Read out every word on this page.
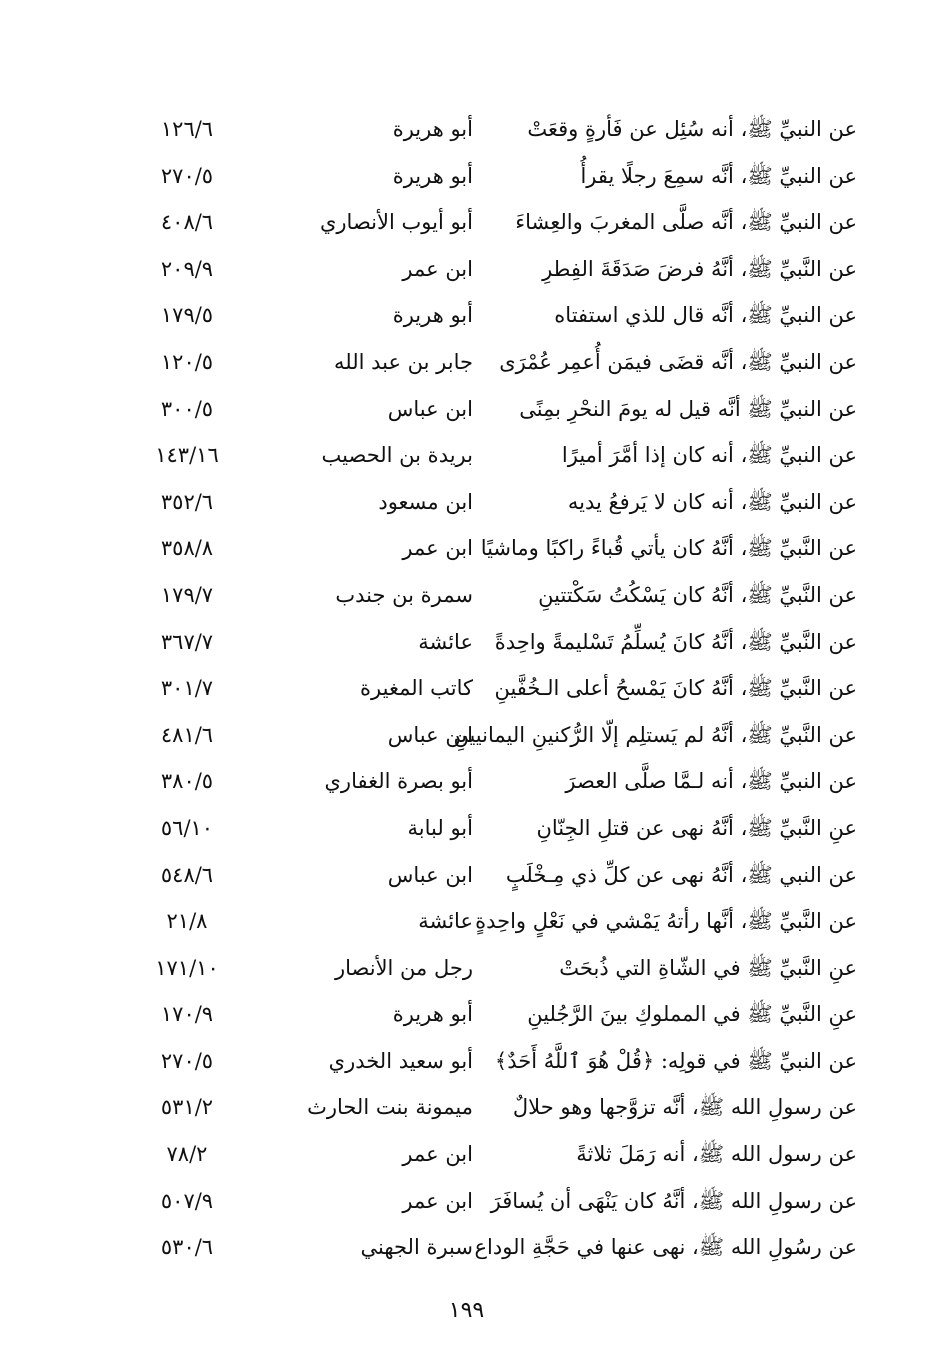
عن النبيِّ ﷺ، أنه سُئِل عن فَأرةٍ وقعَتْ
أبو هريرة
١٢٦/٦
عن النبيِّ ﷺ، أنَّه سمِعَ رجلًا يقرأُ
أبو هريرة
٢٧٠/٥
عن النبيِّ ﷺ، أنَّه صلَّى المغربَ والعِشاءَ
أبو أيوب الأنصاري
٤٠٨/٦
عن النَّبيِّ ﷺ، أنَّهُ فرضَ صَدَقَةَ الفِطرِ
ابن عمر
٢٠٩/٩
عن النبيِّ ﷺ، أنَّه قال للذي استفتاه
أبو هريرة
١٧٩/٥
عن النبيِّ ﷺ، أنَّه قضَى فيمَن أُعمِر عُمْرَى
جابر بن عبد الله
١٢٠/٥
عن النبيِّ ﷺ أنَّه قيل له يومَ النحْرِ بمِنًى
ابن عباس
٣٠٠/٥
عن النبيِّ ﷺ، أنه كان إذا أمَّرَ أميرًا
بريدة بن الحصيب
١٤٣/١٦
عن النبيِّ ﷺ، أنه كان لا يَرفعُ يديه
ابن مسعود
٣٥٢/٦
عن النَّبيِّ ﷺ، أنَّهُ كان يأتي قُباءً راكبًا وماشيًا
ابن عمر
٣٥٨/٨
عن النَّبيِّ ﷺ، أنَّهُ كان يَسْكُتُ سَكْتتينِ
سمرة بن جندب
١٧٩/٧
عن النَّبيِّ ﷺ، أنَّهُ كانَ يُسلِّمُ تَسْليمةً واحِدةً
عائشة
٣٦٧/٧
عن النَّبيِّ ﷺ، أنَّهُ كانَ يَمْسحُ أعلى الـخُفَّينِ
كاتب المغيرة
٣٠١/٧
عن النَّبيِّ ﷺ، أنَّهُ لم يَستلِم إلّا الرُّكنينِ اليمانيينِ
ابن عباس
٤٨١/٦
عن النبيِّ ﷺ، أنه لـمَّا صلَّى العصرَ
أبو بصرة الغفاري
٣٨٠/٥
عنِ النَّبيِّ ﷺ، أنَّهُ نهى عن قتلِ الجِنّانِ
أبو لبابة
٥٦/١٠
عن النبي ﷺ، أنَّهُ نهى عن كلِّ ذي مِـخْلَبٍ
ابن عباس
٥٤٨/٦
عن النَّبيِّ ﷺ، أنَّها رأتهُ يَمْشي في نَعْلٍ واحِدةٍ
عائشة
٢١/٨
عنِ النَّبيِّ ﷺ في الشّاةِ التي ذُبحَتْ
رجل من الأنصار
١٧١/١٠
عنِ النَّبيِّ ﷺ في المملوكِ بينَ الرَّجُلينِ
أبو هريرة
١٧٠/٩
عن النبيِّ ﷺ في قولِه: ﴿قُلْ هُوَ ٱللَّهُ أَحَدٌ﴾
أبو سعيد الخدري
٢٧٠/٥
عن رسولِ الله ﷺ، أنَّه تزوَّجها وهو حلالٌ
ميمونة بنت الحارث
٥٣١/٢
عن رسول الله ﷺ، أنه رَمَلَ ثلاثةً
ابن عمر
٧٨/٢
عن رسولِ الله ﷺ، أنَّهُ كان يَنْهَى أن يُسافَرَ
ابن عمر
٥٠٧/٩
عن رسُولِ الله ﷺ، نهى عنها في حَجَّةِ الوداع
سبرة الجهني
٥٣٠/٦
١٩٩
